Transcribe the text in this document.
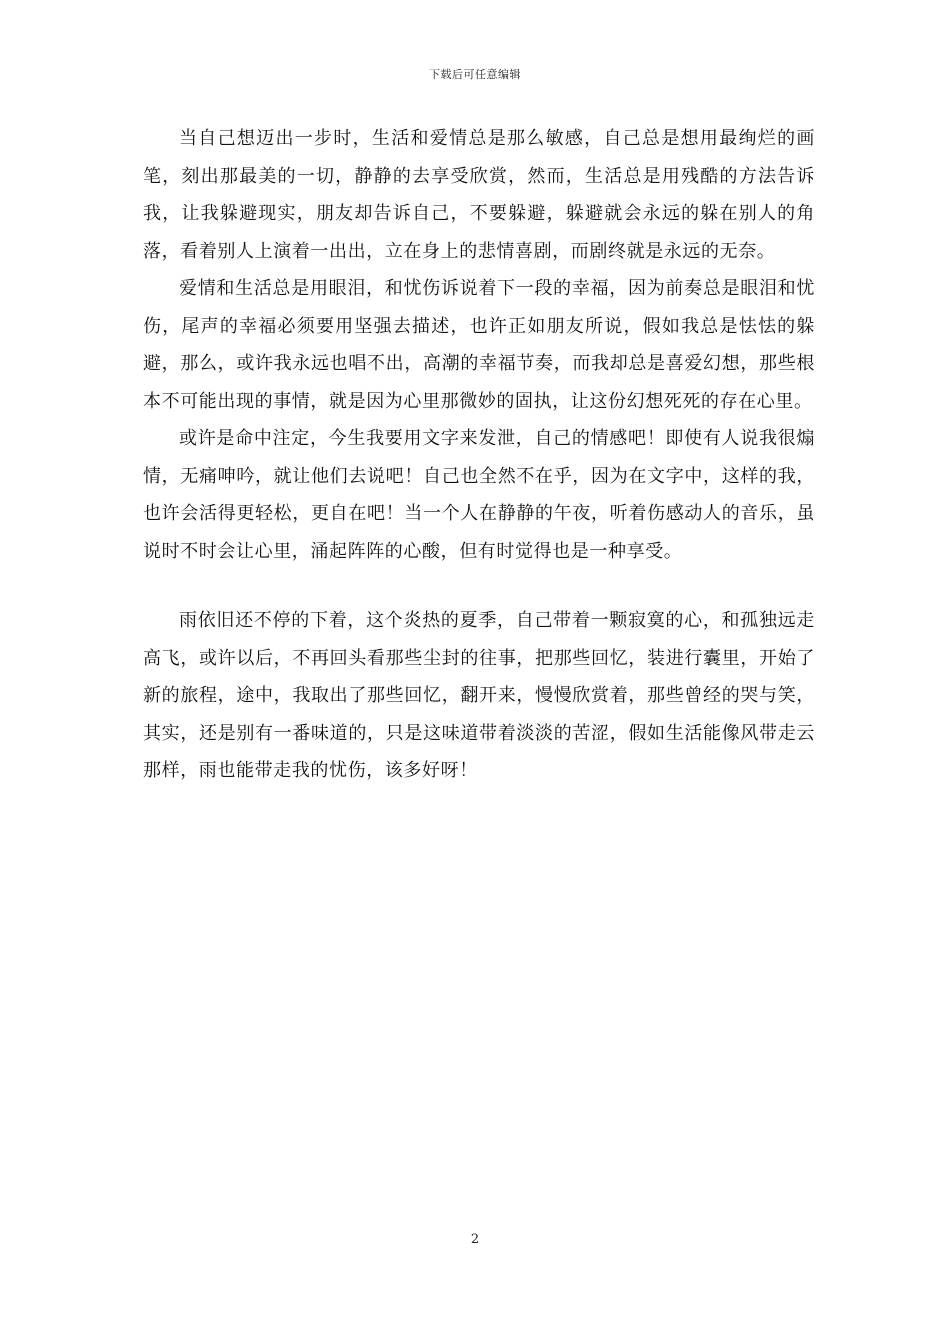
下载后可任意编辑

当自己想迈出一步时，生活和爱情总是那么敏感，自己总是想用最绚烂的画笔，刻出那最美的一切，静静的去享受欣赏，然而，生活总是用残酷的方法告诉我，让我躲避现实，朋友却告诉自己，不要躲避，躲避就会永远的躲在别人的角落，看着别人上演着一出出，立在身上的悲情喜剧，而剧终就是永远的无奈。

爱情和生活总是用眼泪，和忧伤诉说着下一段的幸福，因为前奏总是眼泪和忧伤，尾声的幸福必须要用坚强去描述，也许正如朋友所说，假如我总是怯怯的躲避，那么，或许我永远也唱不出，高潮的幸福节奏，而我却总是喜爱幻想，那些根本不可能出现的事情，就是因为心里那微妙的固执，让这份幻想死死的存在心里。

或许是命中注定，今生我要用文字来发泄，自己的情感吧！即使有人说我很煽情，无痛呻吟，就让他们去说吧！自己也全然不在乎，因为在文字中，这样的我，也许会活得更轻松，更自在吧！当一个人在静静的午夜，听着伤感动人的音乐，虽说时不时会让心里，涌起阵阵的心酸，但有时觉得也是一种享受。

雨依旧还不停的下着，这个炎热的夏季，自己带着一颗寂寞的心，和孤独远走高飞，或许以后，不再回头看那些尘封的往事，把那些回忆，装进行囊里，开始了新的旅程，途中，我取出了那些回忆，翻开来，慢慢欣赏着，那些曾经的哭与笑，其实，还是别有一番味道的，只是这味道带着淡淡的苦涩，假如生活能像风带走云那样，雨也能带走我的忧伤，该多好呀！

2
